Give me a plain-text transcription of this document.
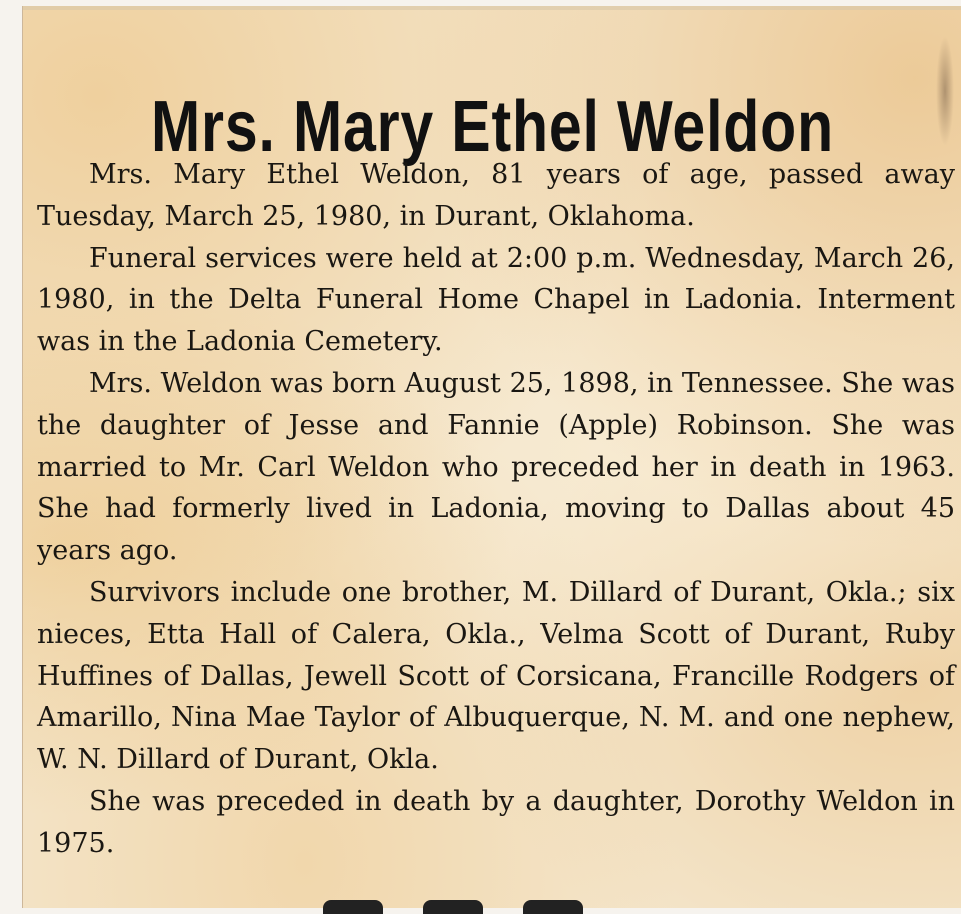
Mrs. Mary Ethel Weldon

Mrs. Mary Ethel Weldon, 81 years of age, passed away Tuesday, March 25, 1980, in Durant, Oklahoma.

Funeral services were held at 2:00 p.m. Wednesday, March 26, 1980, in the Delta Funeral Home Chapel in Ladonia. Interment was in the Ladonia Cemetery.

Mrs. Weldon was born August 25, 1898, in Tennessee. She was the daughter of Jesse and Fannie (Apple) Robinson. She was married to Mr. Carl Weldon who preceded her in death in 1963. She had formerly lived in Ladonia, moving to Dallas about 45 years ago.

Survivors include one brother, M. Dillard of Durant, Okla.; six nieces, Etta Hall of Calera, Okla., Velma Scott of Durant, Ruby Huffines of Dallas, Jewell Scott of Corsicana, Francille Rodgers of Amarillo, Nina Mae Taylor of Albuquerque, N. M. and one nephew, W. N. Dillard of Durant, Okla.

She was preceded in death by a daughter, Dorothy Weldon in 1975.
